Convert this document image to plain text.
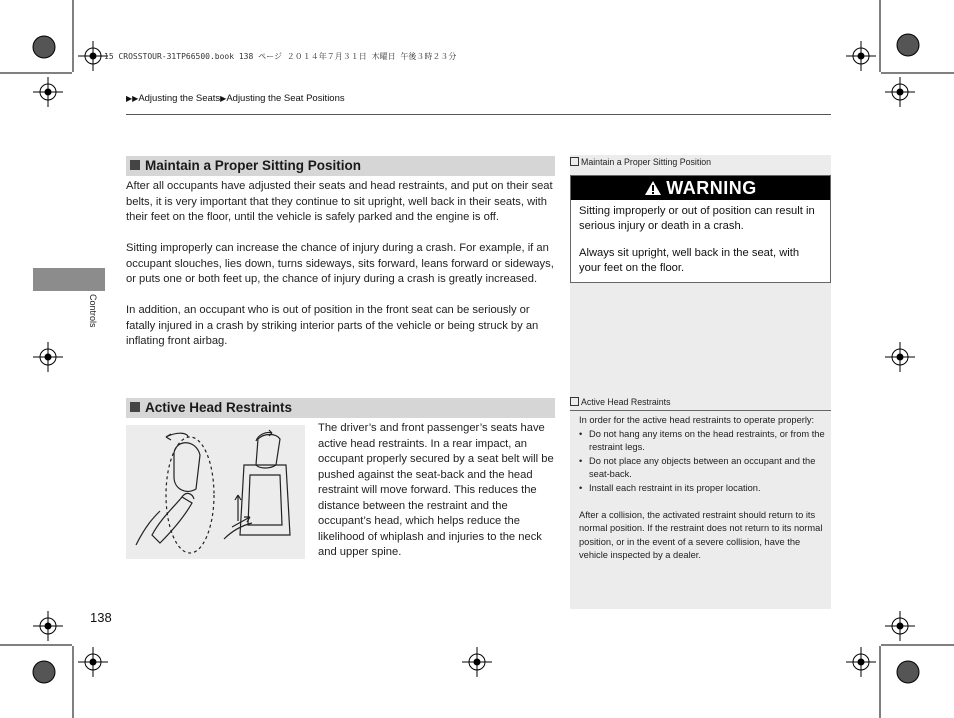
15 CROSSTOUR-31TP66500.book 138 ページ ２０１４年７月３１日 木曜日 午後３時２３分
▶▶Adjusting the Seats▶Adjusting the Seat Positions
Controls
Maintain a Proper Sitting Position

After all occupants have adjusted their seats and head restraints, and put on their seat belts, it is very important that they continue to sit upright, well back in their seats, with their feet on the floor, until the vehicle is safely parked and the engine is off.

Sitting improperly can increase the chance of injury during a crash. For example, if an occupant slouches, lies down, turns sideways, sits forward, leans forward or sideways, or puts one or both feet up, the chance of injury during a crash is greatly increased.

In addition, an occupant who is out of position in the front seat can be seriously or fatally injured in a crash by striking interior parts of the vehicle or being struck by an inflating front airbag.

Active Head Restraints
The driver’s and front passenger’s seats have active head restraints. In a rear impact, an occupant properly secured by a seat belt will be pushed against the seat-back and the head restraint will move forward. This reduces the distance between the restraint and the occupant’s head, which helps reduce the likelihood of whiplash and injuries to the neck and upper spine.
Maintain a Proper Sitting Position
WARNING

Sitting improperly or out of position can result in serious injury or death in a crash.

Always sit upright, well back in the seat, with your feet on the floor.

Active Head Restraints

In order for the active head restraints to operate properly:

• Do not hang any items on the head restraints, or from the restraint legs.
• Do not place any objects between an occupant and the seat-back.
• Install each restraint in its proper location.

After a collision, the activated restraint should return to its normal position. If the restraint does not return to its normal position, or in the event of a severe collision, have the vehicle inspected by a dealer.

138
